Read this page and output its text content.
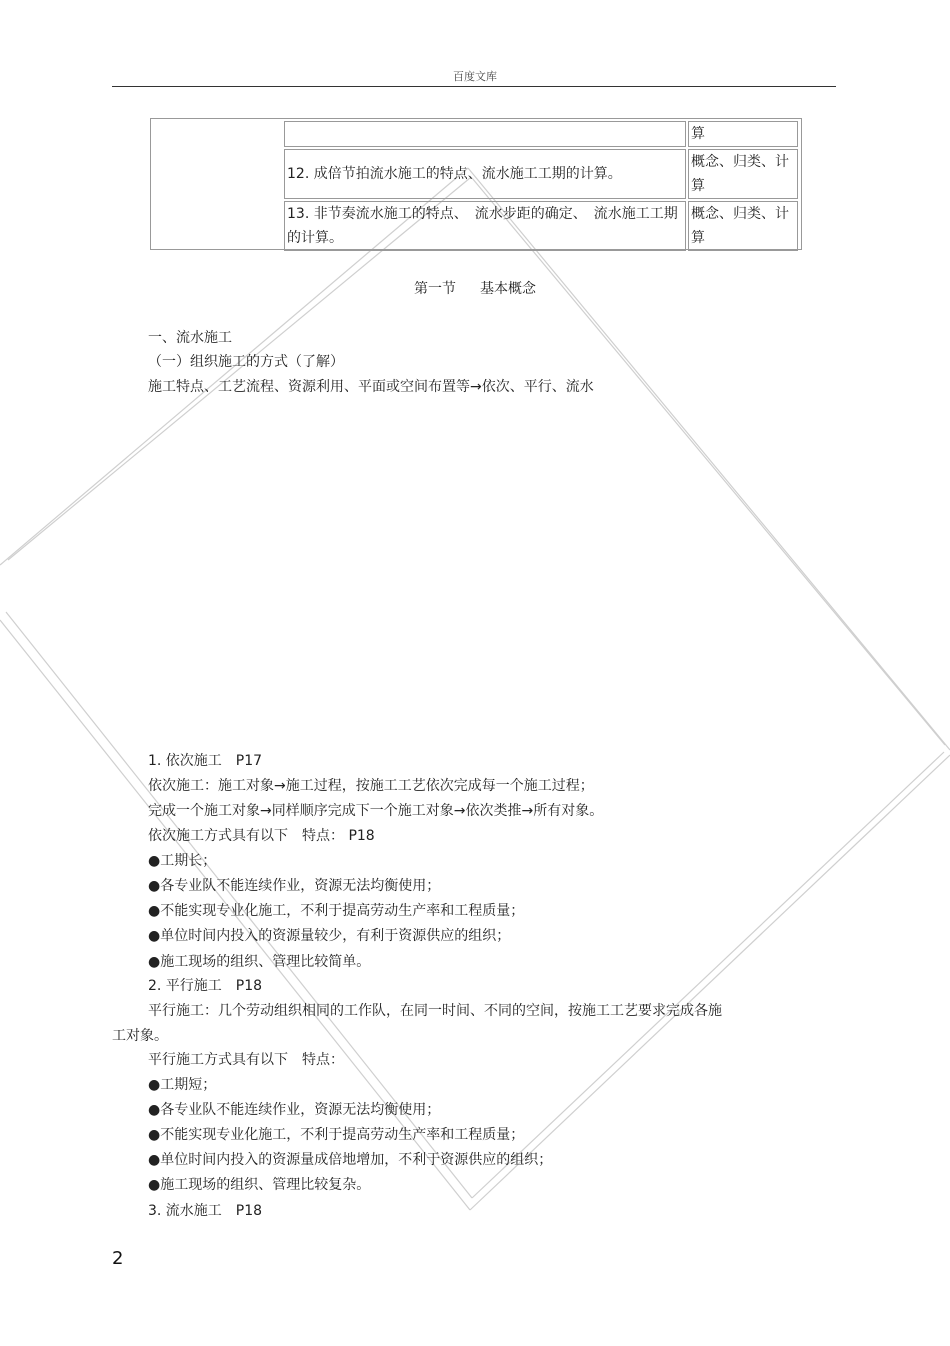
百度文库
	算
12. 成倍节拍流水施工的特点、流水施工工期的计算。	概念、归类、计算
13. 非节奏流水施工的特点、　流水步距的确定、　流水施工工期的计算。	概念、归类、计算
第一节 基本概念
一、流水施工
（一）组织施工的方式（了解）
施工特点、工艺流程、资源利用、平面或空间布置等→依次、平行、流水
1. 依次施工　P17
依次施工：施工对象→施工过程，按施工工艺依次完成每一个施工过程；
完成一个施工对象→同样顺序完成下一个施工对象→依次类推→所有对象。
依次施工方式具有以下　特点： P18
●工期长；
●各专业队不能连续作业，资源无法均衡使用；
●不能实现专业化施工，不利于提高劳动生产率和工程质量；
●单位时间内投入的资源量较少，有利于资源供应的组织；
●施工现场的组织、管理比较简单。
2. 平行施工　P18
平行施工：几个劳动组织相同的工作队，在同一时间、不同的空间，按施工工艺要求完成各施
工对象。
平行施工方式具有以下　特点：
●工期短；
●各专业队不能连续作业，资源无法均衡使用；
●不能实现专业化施工，不利于提高劳动生产率和工程质量；
●单位时间内投入的资源量成倍地增加，不利于资源供应的组织；
●施工现场的组织、管理比较复杂。
3. 流水施工　P18
2
